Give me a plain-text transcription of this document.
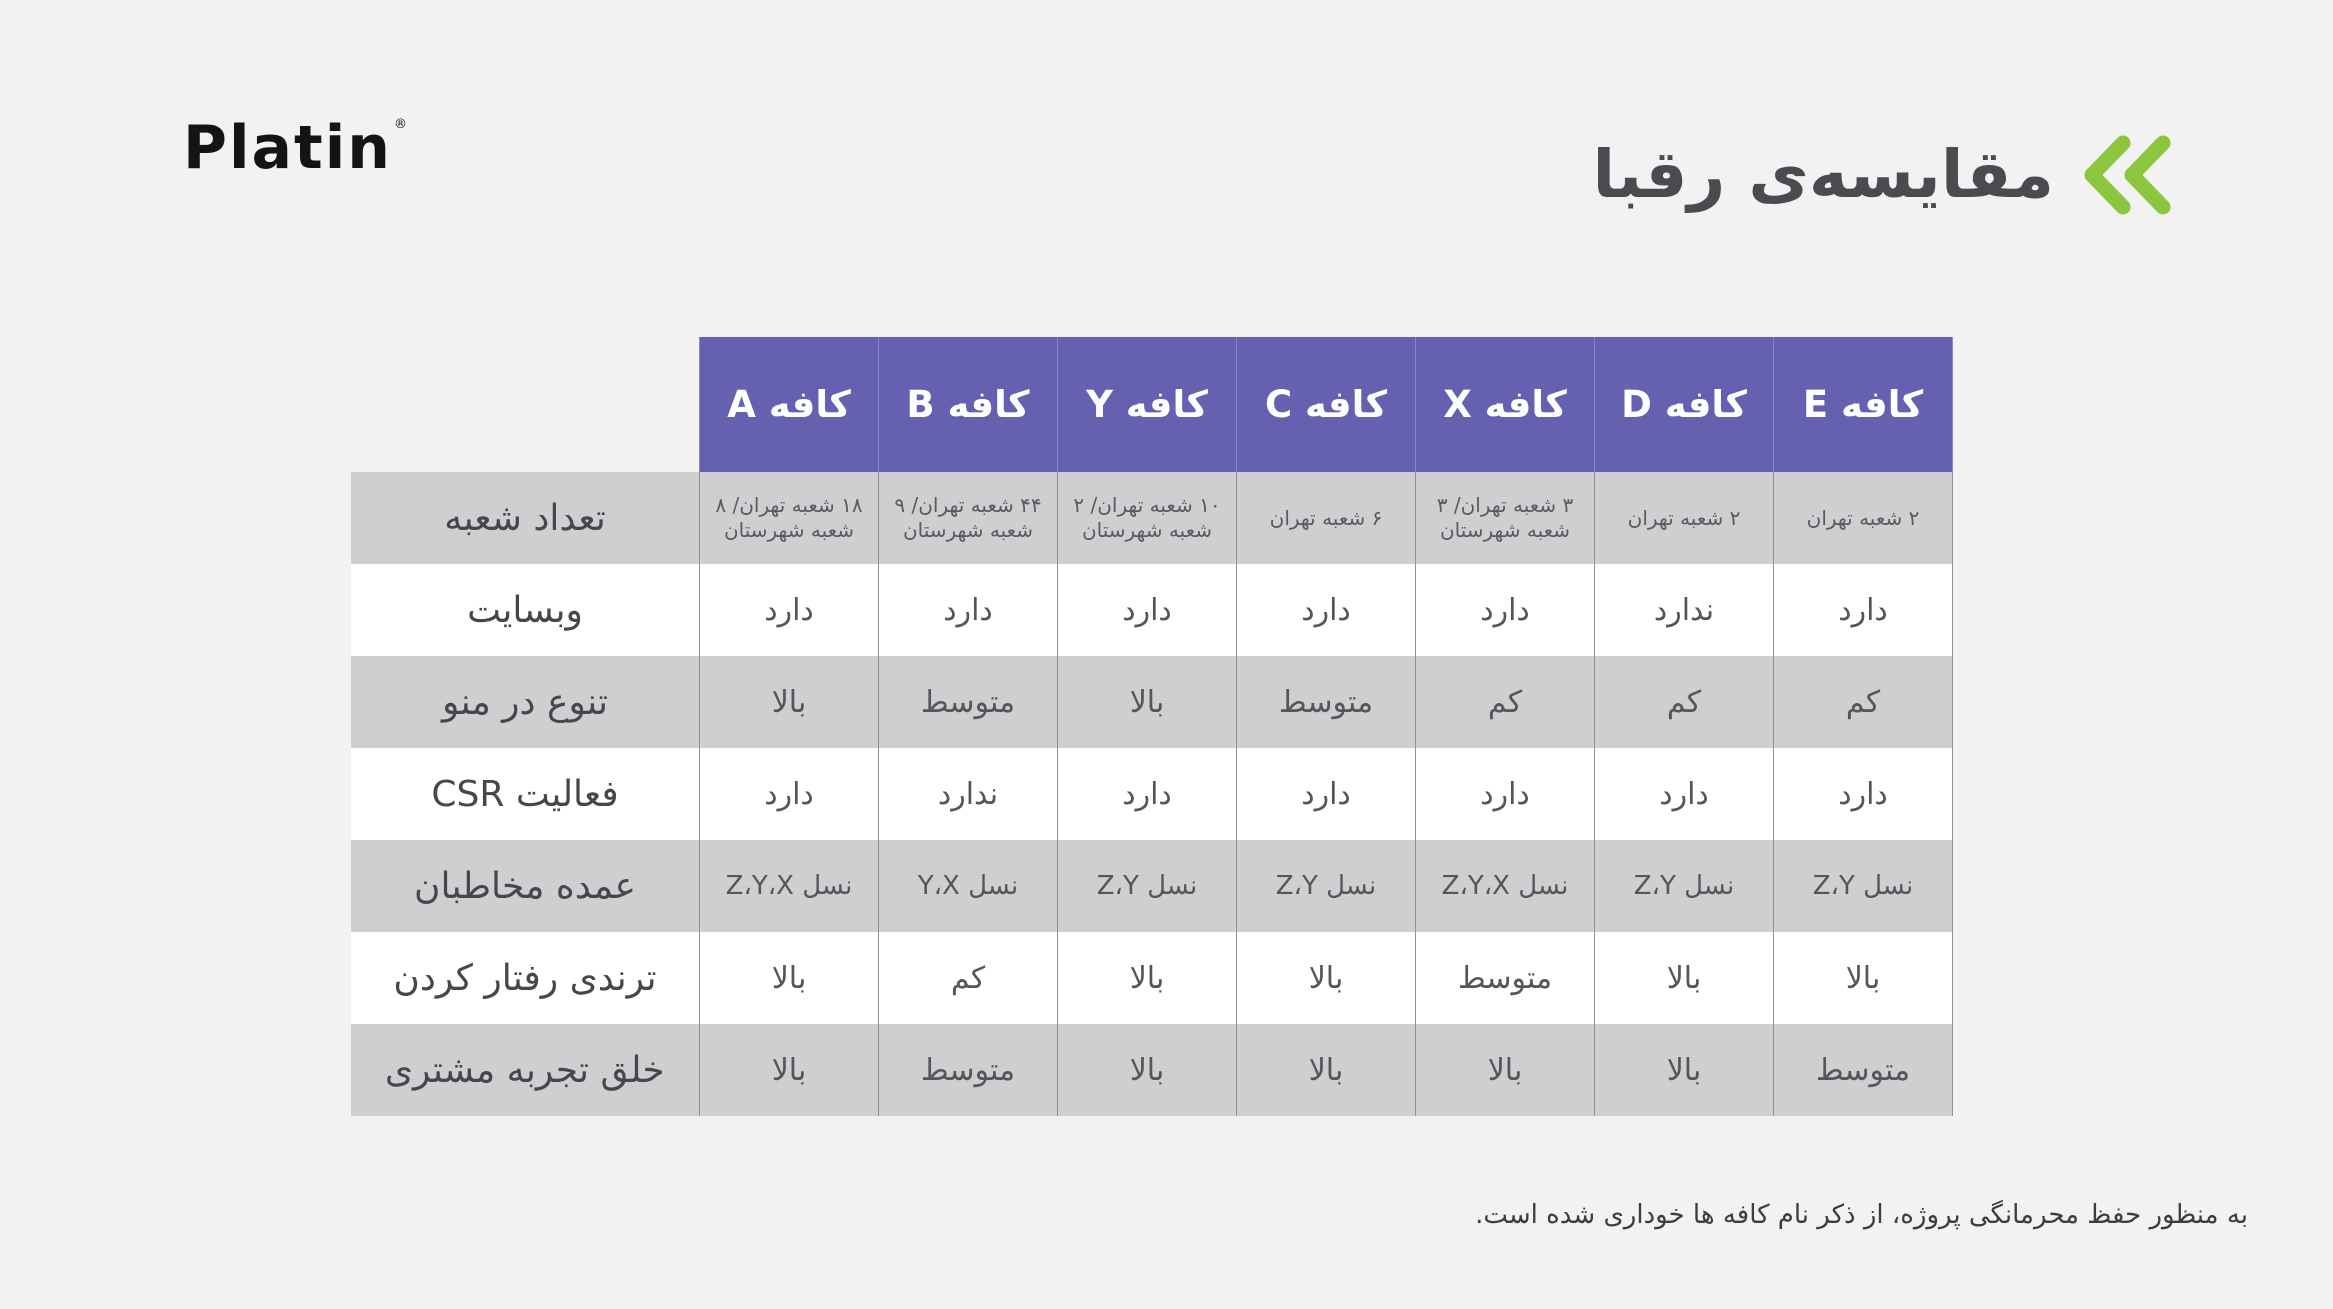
Platin ®
مقایسه‌ی رقبا
کافه E	کافه D	کافه X	کافه C	کافه Y	کافه B	کافه A	
۲ شعبه تهران	۲ شعبه تهران	۳ شعبه تهران/ ۳ شعبه شهرستان	۶ شعبه تهران	۱۰ شعبه تهران/ ۲ شعبه شهرستان	۴۴ شعبه تهران/ ۹ شعبه شهرستان	۱۸ شعبه تهران/ ۸ شعبه شهرستان	تعداد شعبه
دارد	ندارد	دارد	دارد	دارد	دارد	دارد	وبسایت
کم	کم	کم	متوسط	بالا	متوسط	بالا	تنوع در منو
دارد	دارد	دارد	دارد	دارد	ندارد	دارد	فعالیت CSR
نسل Z،Y	نسل Z،Y	نسل Z،Y،X	نسل Z،Y	نسل Z،Y	نسل Y،X	نسل Z،Y،X	عمده مخاطبان
بالا	بالا	متوسط	بالا	بالا	کم	بالا	ترندی رفتار کردن
متوسط	بالا	بالا	بالا	بالا	متوسط	بالا	خلق تجربه مشتری
به منظور حفظ محرمانگی پروژه، از ذکر نام کافه ها خوداری شده است.
